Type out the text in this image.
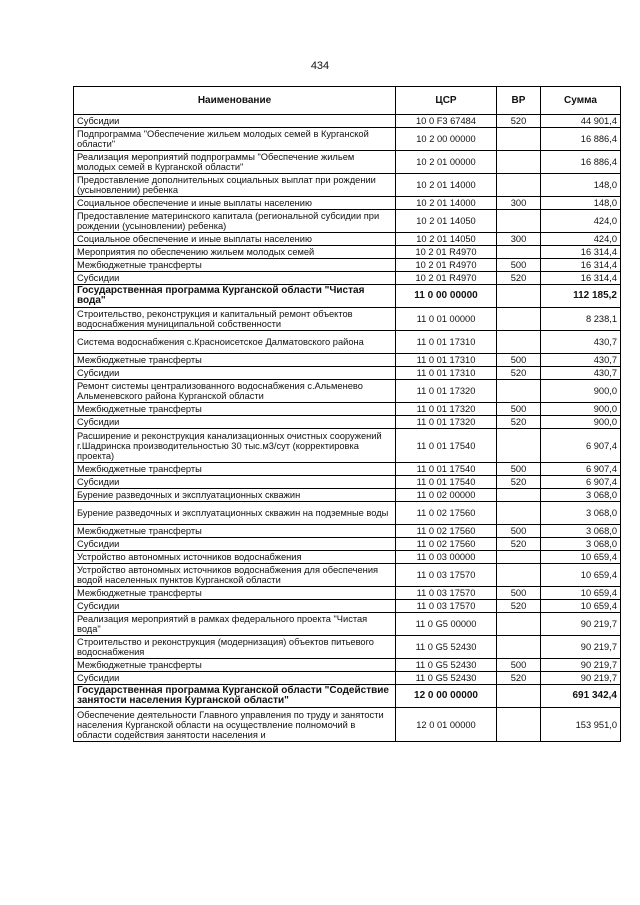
434
Наименование	ЦСР	ВР	Сумма
Субсидии	10 0 F3 67484	520	44 901,4
Подпрограмма "Обеспечение жильем молодых семей в Курганской области"	10 2 00 00000		16 886,4
Реализация мероприятий подпрограммы "Обеспечение жильем молодых семей в Курганской области"	10 2 01 00000		16 886,4
Предоставление дополнительных социальных выплат при рождении (усыновлении) ребенка	10 2 01 14000		148,0
Социальное обеспечение и иные выплаты населению	10 2 01 14000	300	148,0
Предоставление материнского капитала (региональной субсидии при рождении (усыновлении) ребенка)	10 2 01 14050		424,0
Социальное обеспечение и иные выплаты населению	10 2 01 14050	300	424,0
Мероприятия по обеспечению жильем молодых семей	10 2 01 R4970		16 314,4
Межбюджетные трансферты	10 2 01 R4970	500	16 314,4
Субсидии	10 2 01 R4970	520	16 314,4
Государственная программа Курганской области "Чистая вода"	11 0 00 00000		112 185,2
Строительство, реконструкция и капитальный ремонт объектов водоснабжения муниципальной собственности	11 0 01 00000		8 238,1
Система водоснабжения с.Красноисетское Далматовского района	11 0 01 17310		430,7
Межбюджетные трансферты	11 0 01 17310	500	430,7
Субсидии	11 0 01 17310	520	430,7
Ремонт системы централизованного водоснабжения с.Альменево Альменевского района Курганской области	11 0 01 17320		900,0
Межбюджетные трансферты	11 0 01 17320	500	900,0
Субсидии	11 0 01 17320	520	900,0
Расширение и реконструкция канализационных очистных сооружений г.Шадринска производительностью 30 тыс.м3/сут (корректировка проекта)	11 0 01 17540		6 907,4
Межбюджетные трансферты	11 0 01 17540	500	6 907,4
Субсидии	11 0 01 17540	520	6 907,4
Бурение разведочных и эксплуатационных скважин	11 0 02 00000		3 068,0
Бурение разведочных и эксплуатационных скважин на подземные воды	11 0 02 17560		3 068,0
Межбюджетные трансферты	11 0 02 17560	500	3 068,0
Субсидии	11 0 02 17560	520	3 068,0
Устройство автономных источников водоснабжения	11 0 03 00000		10 659,4
Устройство автономных источников водоснабжения для обеспечения водой населенных пунктов Курганской области	11 0 03 17570		10 659,4
Межбюджетные трансферты	11 0 03 17570	500	10 659,4
Субсидии	11 0 03 17570	520	10 659,4
Реализация мероприятий в рамках федерального проекта "Чистая вода"	11 0 G5 00000		90 219,7
Строительство и реконструкция (модернизация) объектов питьевого водоснабжения	11 0 G5 52430		90 219,7
Межбюджетные трансферты	11 0 G5 52430	500	90 219,7
Субсидии	11 0 G5 52430	520	90 219,7
Государственная программа Курганской области "Содействие занятости населения Курганской области"	12 0 00 00000		691 342,4
Обеспечение деятельности Главного управления по труду и занятости населения Курганской области на осуществление полномочий в области содействия занятости населения и	12 0 01 00000		153 951,0
